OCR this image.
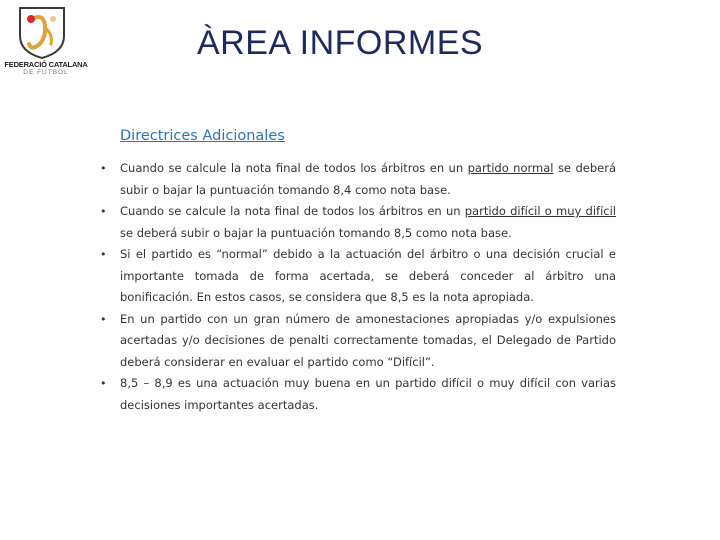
FEDERACIÓ CATALANA
DE FUTBOL
ÀREA INFORMES
Directrices Adicionales
• Cuando se calcule la nota final de todos los árbitros en un partido normal se deberá subir o bajar la puntuación tomando 8,4 como nota base.
• Cuando se calcule la nota final de todos los árbitros en un partido difícil o muy difícil se deberá subir o bajar la puntuación tomando 8,5 como nota base.
• Si el partido es “normal” debido a la actuación del árbitro o una decisión crucial e importante tomada de forma acertada, se deberá conceder al árbitro una bonificación. En estos casos, se considera que 8,5 es la nota apropiada.
• En un partido con un gran número de amonestaciones apropiadas y/o expulsiones acertadas y/o decisiones de penalti correctamente tomadas, el Delegado de Partido deberá considerar en evaluar el partido como “Difícil”.
• 8,5 – 8,9 es una actuación muy buena en un partido difícil o muy difícil con varias decisiones importantes acertadas.
